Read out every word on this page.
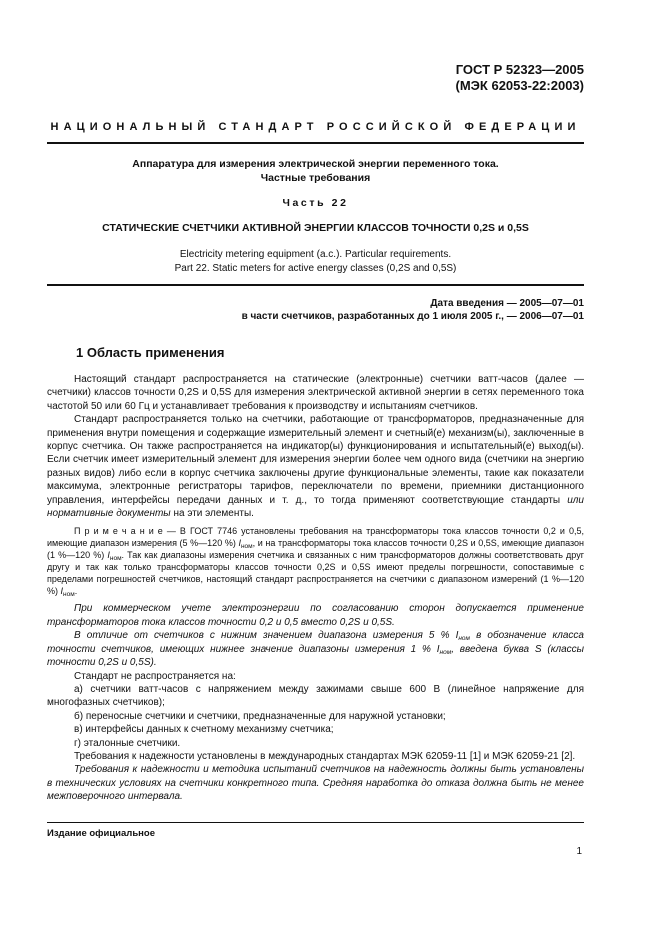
ГОСТ Р 52323—2005
(МЭК 62053-22:2003)
НАЦИОНАЛЬНЫЙ СТАНДАРТ РОССИЙСКОЙ ФЕДЕРАЦИИ
Аппаратура для измерения электрической энергии переменного тока.
Частные требования
Часть 22
СТАТИЧЕСКИЕ СЧЕТЧИКИ АКТИВНОЙ ЭНЕРГИИ КЛАССОВ ТОЧНОСТИ 0,2S и 0,5S
Electricity metering equipment (a.c.). Particular requirements.
Part 22. Static meters for active energy classes (0,2S and 0,5S)
Дата введения — 2005—07—01
в части счетчиков, разработанных до 1 июля 2005 г., — 2006—07—01
1 Область применения

Настоящий стандарт распространяется на статические (электронные) счетчики ватт-часов (далее — счетчики) классов точности 0,2S и 0,5S для измерения электрической активной энергии в сетях переменного тока частотой 50 или 60 Гц и устанавливает требования к производству и испытаниям счетчиков.

Стандарт распространяется только на счетчики, работающие от трансформаторов, предназначенные для применения внутри помещения и содержащие измерительный элемент и счетный(е) механизм(ы), заключенные в корпус счетчика. Он также распространяется на индикатор(ы) функционирования и испытательный(е) выход(ы). Если счетчик имеет измерительный элемент для измерения энергии более чем одного вида (счетчики на энергию разных видов) либо если в корпус счетчика заключены другие функциональные элементы, такие как показатели максимума, электронные регистраторы тарифов, переключатели по времени, приемники дистанционного управления, интерфейсы передачи данных и т. д., то тогда применяют соответствующие стандарты или нормативные документы на эти элементы.

П р и м е ч а н и е — В ГОСТ 7746 установлены требования на трансформаторы тока классов точности 0,2 и 0,5, имеющие диапазон измерения (5 %—120 %) $I_{ном}$, и на трансформаторы тока классов точности 0,2S и 0,5S, имеющие диапазон (1 %—120 %) $I_{ном}$. Так как диапазоны измерения счетчика и связанных с ним трансформаторов должны соответствовать друг другу и так как только трансформаторы классов точности 0,2S и 0,5S имеют пределы погрешности, сопоставимые с пределами погрешностей счетчиков, настоящий стандарт распространяется на счетчики с диапазоном измерений (1 %—120 %) $I_{ном}$.

При коммерческом учете электроэнергии по согласованию сторон допускается применение трансформаторов тока классов точности 0,2 и 0,5 вместо 0,2S и 0,5S.

В отличие от счетчиков с нижним значением диапазона измерения 5 % $I_{ном}$ в обозначение класса точности счетчиков, имеющих нижнее значение диапазоны измерения 1 % $I_{ном}$, введена буква S (классы точности 0,2S и 0,5S).

Стандарт не распространяется на:

а) счетчики ватт-часов с напряжением между зажимами свыше 600 В (линейное напряжение для многофазных счетчиков);

б) переносные счетчики и счетчики, предназначенные для наружной установки;

в) интерфейсы данных к счетному механизму счетчика;

г) эталонные счетчики.

Требования к надежности установлены в международных стандартах МЭК 62059-11 [1] и МЭК 62059-21 [2].

Требования к надежности и методика испытаний счетчиков на надежность должны быть установлены в технических условиях на счетчики конкретного типа. Средняя наработка до отказа должна быть не менее межповерочного интервала.

Издание официальное
1
